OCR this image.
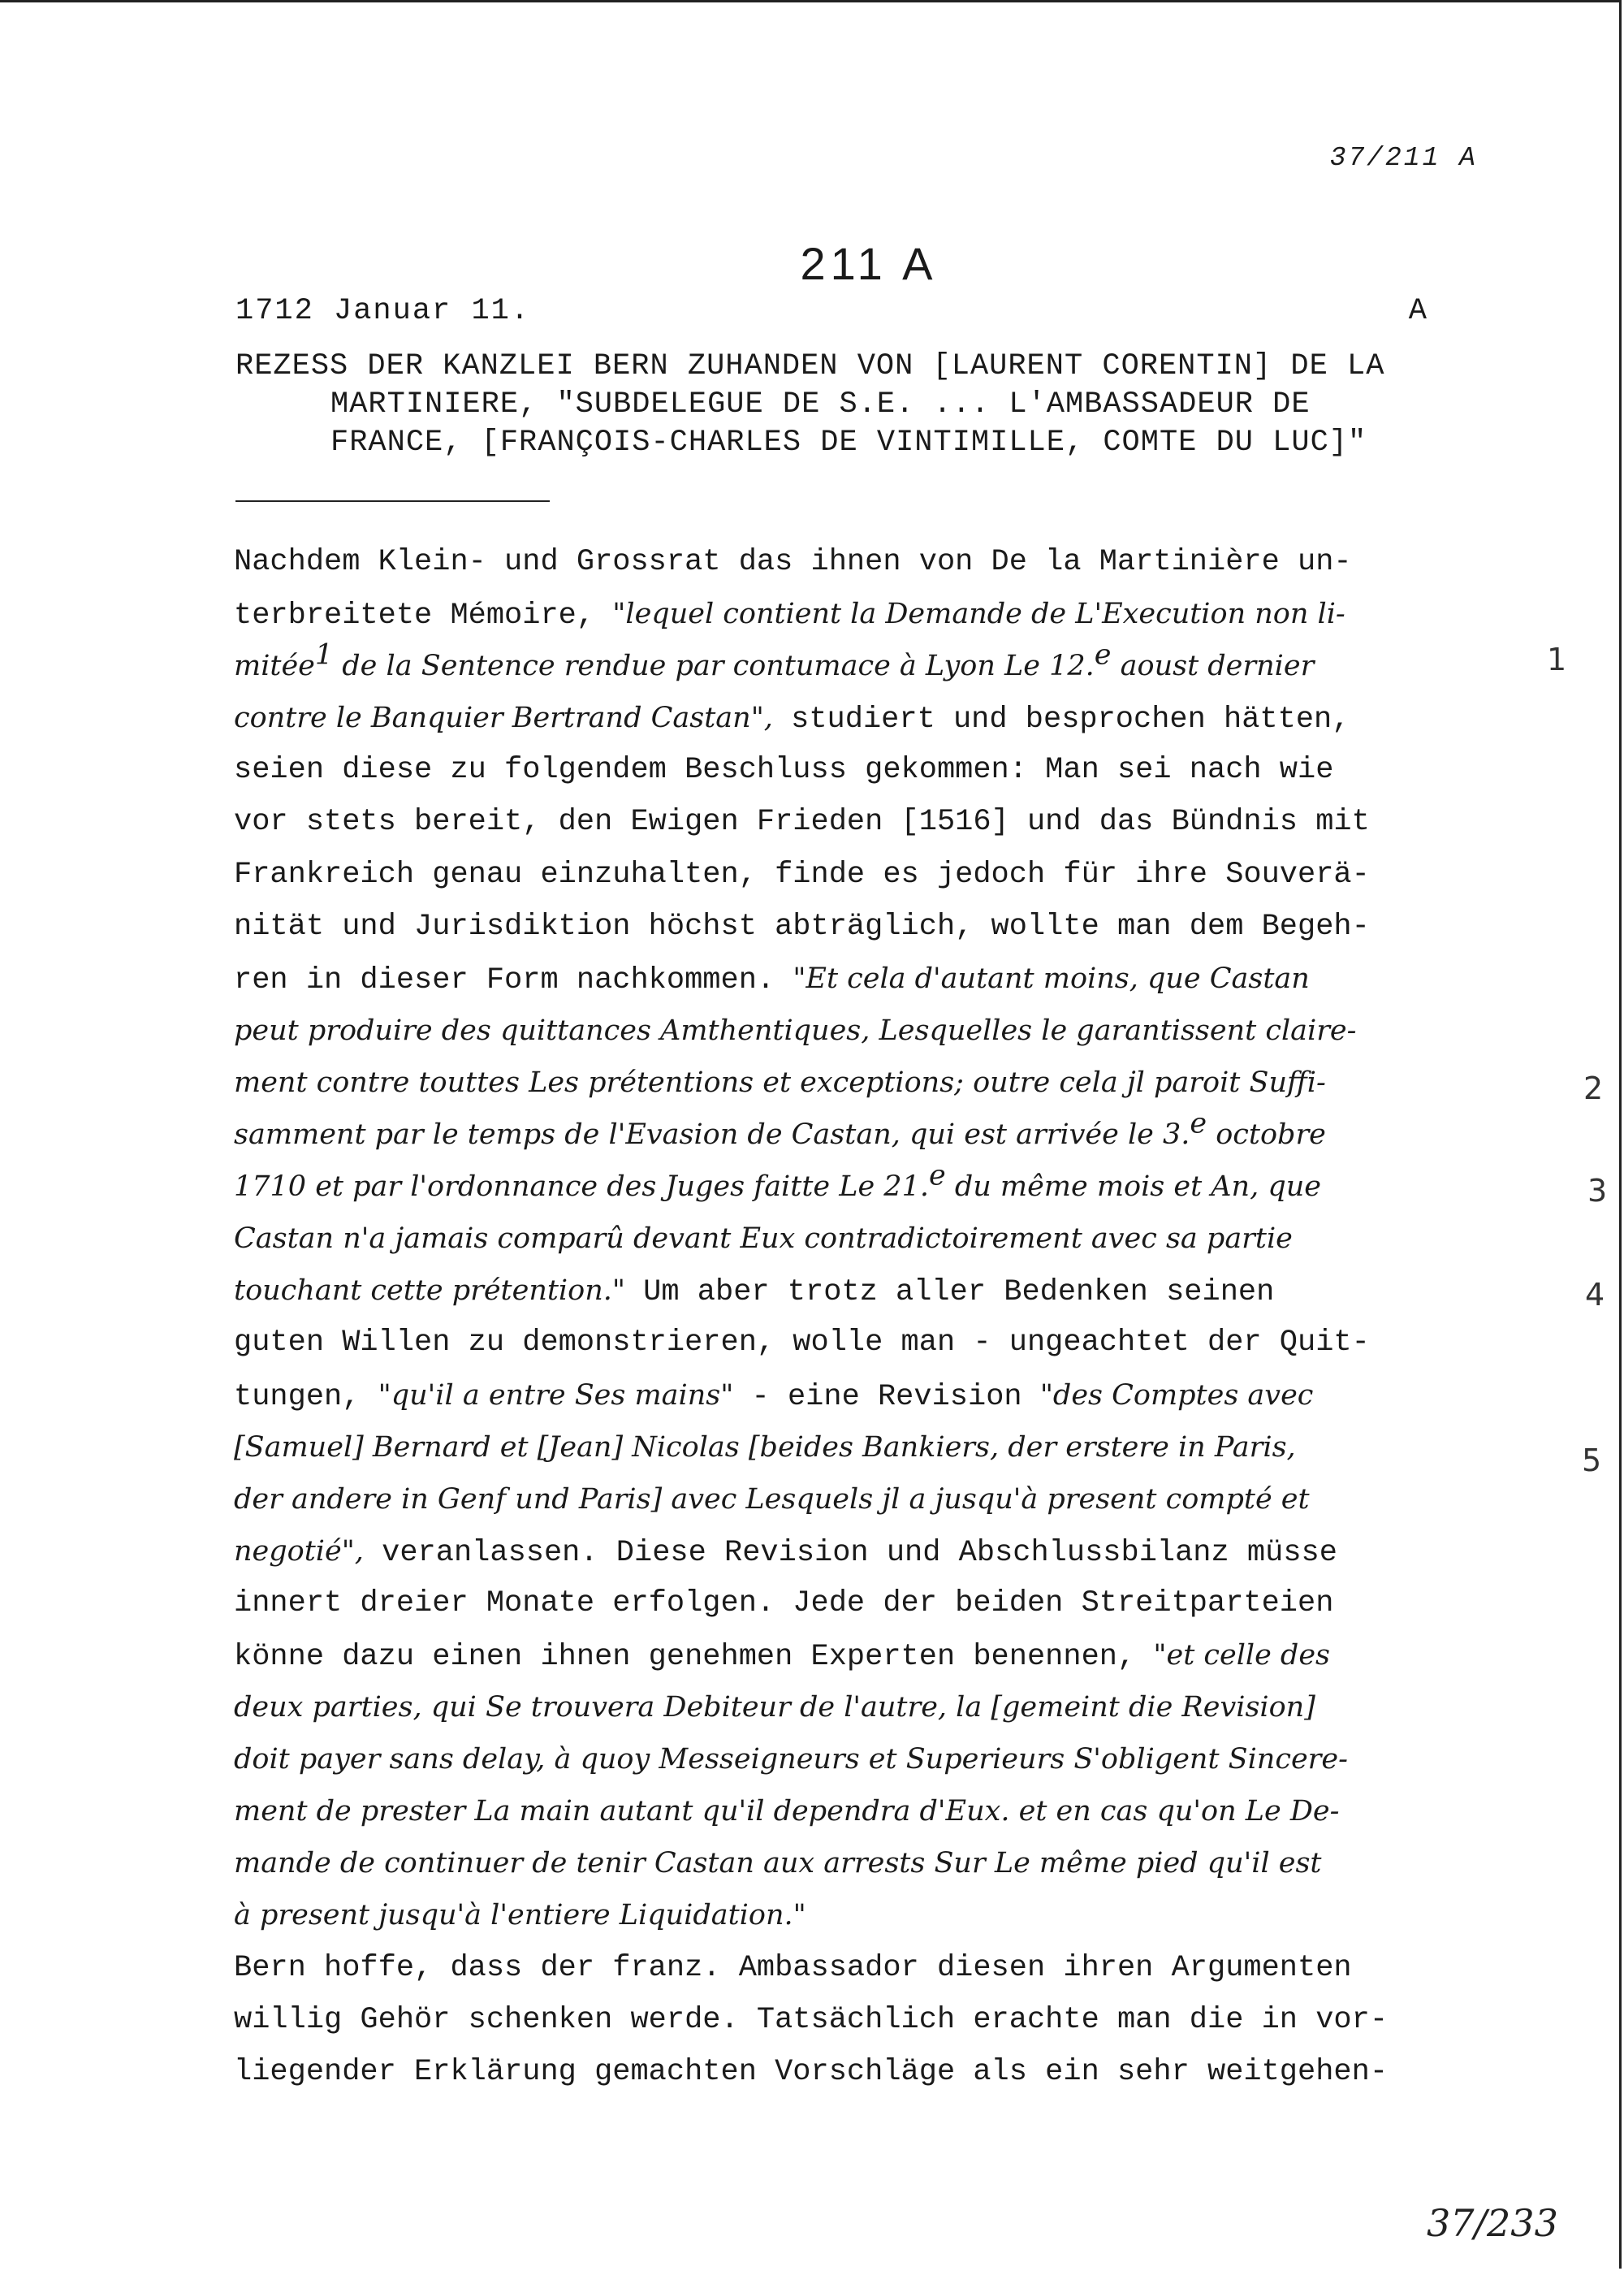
37/211 A
211 A
1712 Januar 11.	A
REZESS DER KANZLEI BERN ZUHANDEN VON [LAURENT CORENTIN] DE LA
MARTINIERE, "SUBDELEGUE DE S.E. ... L'AMBASSADEUR DE
FRANCE, [FRANÇOIS-CHARLES DE VINTIMILLE, COMTE DU LUC]"
Nachdem Klein- und Grossrat das ihnen von De la Martinière un-
terbreitete Mémoire, "lequel contient la Demande de L'Execution non li-
mitée$^1$ de la Sentence rendue par contumace à Lyon Le 12.$^e$ aoust dernier
contre le Banquier Bertrand Castan", studiert und besprochen hätten,
seien diese zu folgendem Beschluss gekommen: Man sei nach wie
vor stets bereit, den Ewigen Frieden [1516] und das Bündnis mit
Frankreich genau einzuhalten, finde es jedoch für ihre Souverä-
nität und Jurisdiktion höchst abträglich, wollte man dem Begeh-
ren in dieser Form nachkommen. "Et cela d'autant moins, que Castan
peut produire des quittances Amthentiques, Lesquelles le garantissent claire-
ment contre touttes Les prétentions et exceptions; outre cela jl paroit Suffi-
samment par le temps de l'Evasion de Castan, qui est arrivée le 3.$^e$ octobre
1710 et par l'ordonnance des Juges faitte Le 21.$^e$ du même mois et An, que
Castan n'a jamais comparû devant Eux contradictoirement avec sa partie
touchant cette prétention." Um aber trotz aller Bedenken seinen
guten Willen zu demonstrieren, wolle man - ungeachtet der Quit-
tungen, "qu'il a entre Ses mains" - eine Revision "des Comptes avec
[Samuel] Bernard et [Jean] Nicolas [beides Bankiers, der erstere in Paris,
der andere in Genf und Paris] avec Lesquels jl a jusqu'à present compté et
negotié", veranlassen. Diese Revision und Abschlussbilanz müsse
innert dreier Monate erfolgen. Jede der beiden Streitparteien
könne dazu einen ihnen genehmen Experten benennen, "et celle des
deux parties, qui Se trouvera Debiteur de l'autre, la [gemeint die Revision]
doit payer sans delay, à quoy Messeigneurs et Superieurs S'obligent Sincere-
ment de prester La main autant qu'il dependra d'Eux. et en cas qu'on Le De-
mande de continuer de tenir Castan aux arrests Sur Le même pied qu'il est
à present jusqu'à l'entiere Liquidation."
Bern hoffe, dass der franz. Ambassador diesen ihren Argumenten
willig Gehör schenken werde. Tatsächlich erachte man die in vor-
liegender Erklärung gemachten Vorschläge als ein sehr weitgehen-
1
2
3
4
5
37/233
